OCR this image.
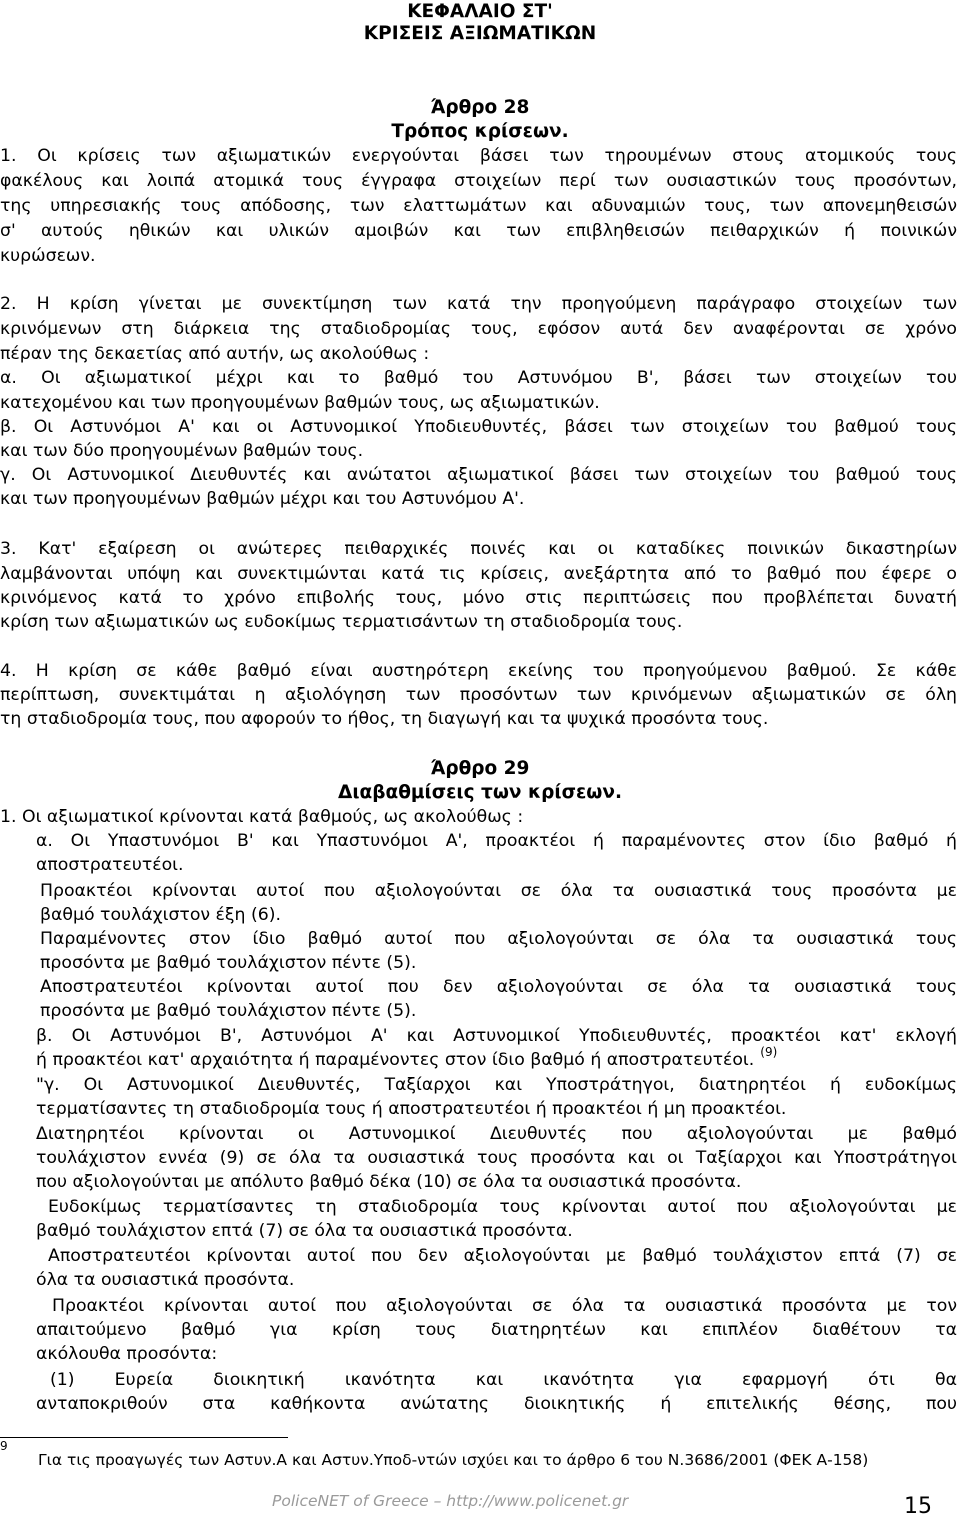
ΚΕΦΑΛΑΙΟ ΣΤ'
ΚΡΙΣΕΙΣ ΑΞΙΩΜΑΤΙΚΩΝ
Άρθρο 28
Τρόπος κρίσεων.
1. Οι κρίσεις των αξιωματικών ενεργούνται βάσει των τηρουμένων στους ατομικούς τους
φακέλους και λοιπά ατομικά τους έγγραφα στοιχείων περί των ουσιαστικών τους προσόντων,
της υπηρεσιακής τους απόδοσης, των ελαττωμάτων και αδυναμιών τους, των απονεμηθεισών
σ' αυτούς ηθικών και υλικών αμοιβών και των επιβληθεισών πειθαρχικών ή ποινικών
κυρώσεων.
2. Η κρίση γίνεται με συνεκτίμηση των κατά την προηγούμενη παράγραφο στοιχείων των
κρινόμενων στη διάρκεια της σταδιοδρομίας τους, εφόσον αυτά δεν αναφέρονται σε χρόνο
πέραν της δεκαετίας από αυτήν, ως ακολούθως :
α. Οι αξιωματικοί μέχρι και το βαθμό του Αστυνόμου Β', βάσει των στοιχείων του
κατεχομένου και των προηγουμένων βαθμών τους, ως αξιωματικών.
β. Οι Αστυνόμοι Α' και οι Αστυνομικοί Υποδιευθυντές, βάσει των στοιχείων του βαθμού τους
και των δύο προηγουμένων βαθμών τους.
γ. Οι Αστυνομικοί Διευθυντές και ανώτατοι αξιωματικοί βάσει των στοιχείων του βαθμού τους
και των προηγουμένων βαθμών μέχρι και του Αστυνόμου Α'.
3. Κατ' εξαίρεση οι ανώτερες πειθαρχικές ποινές και οι καταδίκες ποινικών δικαστηρίων
λαμβάνονται υπόψη και συνεκτιμώνται κατά τις κρίσεις, ανεξάρτητα από το βαθμό που έφερε ο
κρινόμενος κατά το χρόνο επιβολής τους, μόνο στις περιπτώσεις που προβλέπεται δυνατή
κρίση των αξιωματικών ως ευδοκίμως τερματισάντων τη σταδιοδρομία τους.
4. Η κρίση σε κάθε βαθμό είναι αυστηρότερη εκείνης του προηγούμενου βαθμού. Σε κάθε
περίπτωση, συνεκτιμάται η αξιολόγηση των προσόντων των κρινόμενων αξιωματικών σε όλη
τη σταδιοδρομία τους, που αφορούν το ήθος, τη διαγωγή και τα ψυχικά προσόντα τους.
Άρθρο 29
Διαβαθμίσεις των κρίσεων.
1. Οι αξιωματικοί κρίνονται κατά βαθμούς, ως ακολούθως :
α. Οι Υπαστυνόμοι Β' και Υπαστυνόμοι Α', προακτέοι ή παραμένοντες στον ίδιο βαθμό ή
αποστρατευτέοι.
Προακτέοι κρίνονται αυτοί που αξιολογούνται σε όλα τα ουσιαστικά τους προσόντα με
βαθμό τουλάχιστον έξη (6).
Παραμένοντες στον ίδιο βαθμό αυτοί που αξιολογούνται σε όλα τα ουσιαστικά τους
προσόντα με βαθμό τουλάχιστον πέντε (5).
Αποστρατευτέοι κρίνονται αυτοί που δεν αξιολογούνται σε όλα τα ουσιαστικά τους
προσόντα με βαθμό τουλάχιστον πέντε (5).
β. Οι Αστυνόμοι Β', Αστυνόμοι Α' και Αστυνομικοί Υποδιευθυντές, προακτέοι κατ' εκλογή
ή προακτέοι κατ' αρχαιότητα ή παραμένοντες στον ίδιο βαθμό ή αποστρατευτέοι. $^{(9)}$
"γ. Οι Αστυνομικοί Διευθυντές, Ταξίαρχοι και Υποστράτηγοι, διατηρητέοι ή ευδοκίμως
τερματίσαντες τη σταδιοδρομία τους ή αποστρατευτέοι ή προακτέοι ή μη προακτέοι.
Διατηρητέοι κρίνονται οι Αστυνομικοί Διευθυντές που αξιολογούνται με βαθμό
τουλάχιστον εννέα (9) σε όλα τα ουσιαστικά τους προσόντα και οι Ταξίαρχοι και Υποστράτηγοι
που αξιολογούνται με απόλυτο βαθμό δέκα (10) σε όλα τα ουσιαστικά προσόντα.
Ευδοκίμως τερματίσαντες τη σταδιοδρομία τους κρίνονται αυτοί που αξιολογούνται με
βαθμό τουλάχιστον επτά (7) σε όλα τα ουσιαστικά προσόντα.
Αποστρατευτέοι κρίνονται αυτοί που δεν αξιολογούνται με βαθμό τουλάχιστον επτά (7) σε
όλα τα ουσιαστικά προσόντα.
Προακτέοι κρίνονται αυτοί που αξιολογούνται σε όλα τα ουσιαστικά προσόντα με τον
απαιτούμενο βαθμό για κρίση τους διατηρητέων και επιπλέον διαθέτουν τα
ακόλουθα προσόντα:
(1) Ευρεία διοικητική ικανότητα και ικανότητα για εφαρμογή ότι θα
ανταποκριθούν στα καθήκοντα ανώτατης διοικητικής ή επιτελικής θέσης, που
9
Για τις προαγωγές των Αστυν.Α και Αστυν.Υποδ-ντών ισχύει και το άρθρο 6 του Ν.3686/2001 (ΦΕΚ Α-158)
PoliceNET of Greece – http://www.policenet.gr	15
